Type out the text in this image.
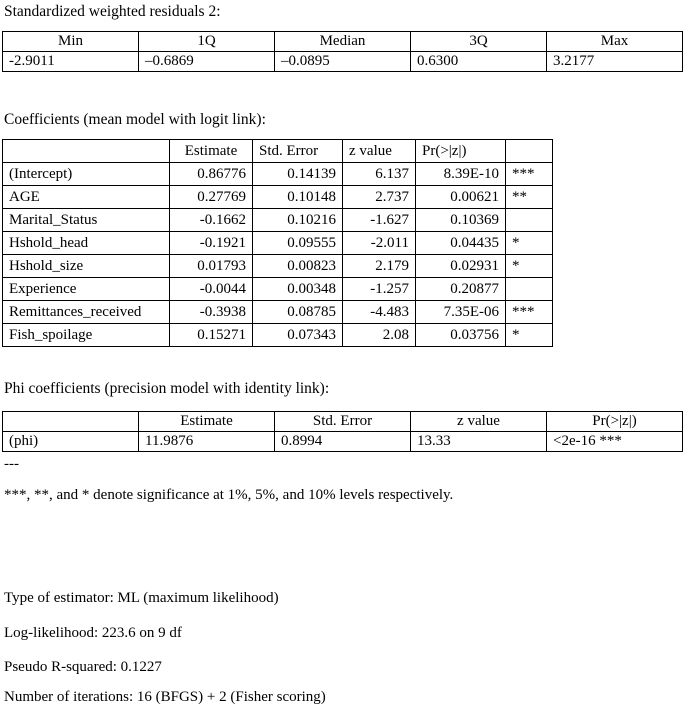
Standardized weighted residuals 2:

Min	1Q	Median	3Q	Max
-2.9011	–0.6869	–0.0895	0.6300	3.2177

Coefficients (mean model with logit link):

	Estimate	Std. Error	z value	Pr(>|z|)	
(Intercept)	0.86776	0.14139	6.137	8.39E-10	***
AGE	0.27769	0.10148	2.737	0.00621	**
Marital_Status	-0.1662	0.10216	-1.627	0.10369	
Hshold_head	-0.1921	0.09555	-2.011	0.04435	*
Hshold_size	0.01793	0.00823	2.179	0.02931	*
Experience	-0.0044	0.00348	-1.257	0.20877	
Remittances_received	-0.3938	0.08785	-4.483	7.35E-06	***
Fish_spoilage	0.15271	0.07343	2.08	0.03756	*

Phi coefficients (precision model with identity link):

	Estimate	Std. Error	z value	Pr(>|z|)
(phi)	11.9876	0.8994	13.33	<2e-16 ***

---

***, **, and * denote significance at 1%, 5%, and 10% levels respectively.

Type of estimator: ML (maximum likelihood)

Log-likelihood: 223.6 on 9 df

Pseudo R-squared: 0.1227

Number of iterations: 16 (BFGS) + 2 (Fisher scoring)
